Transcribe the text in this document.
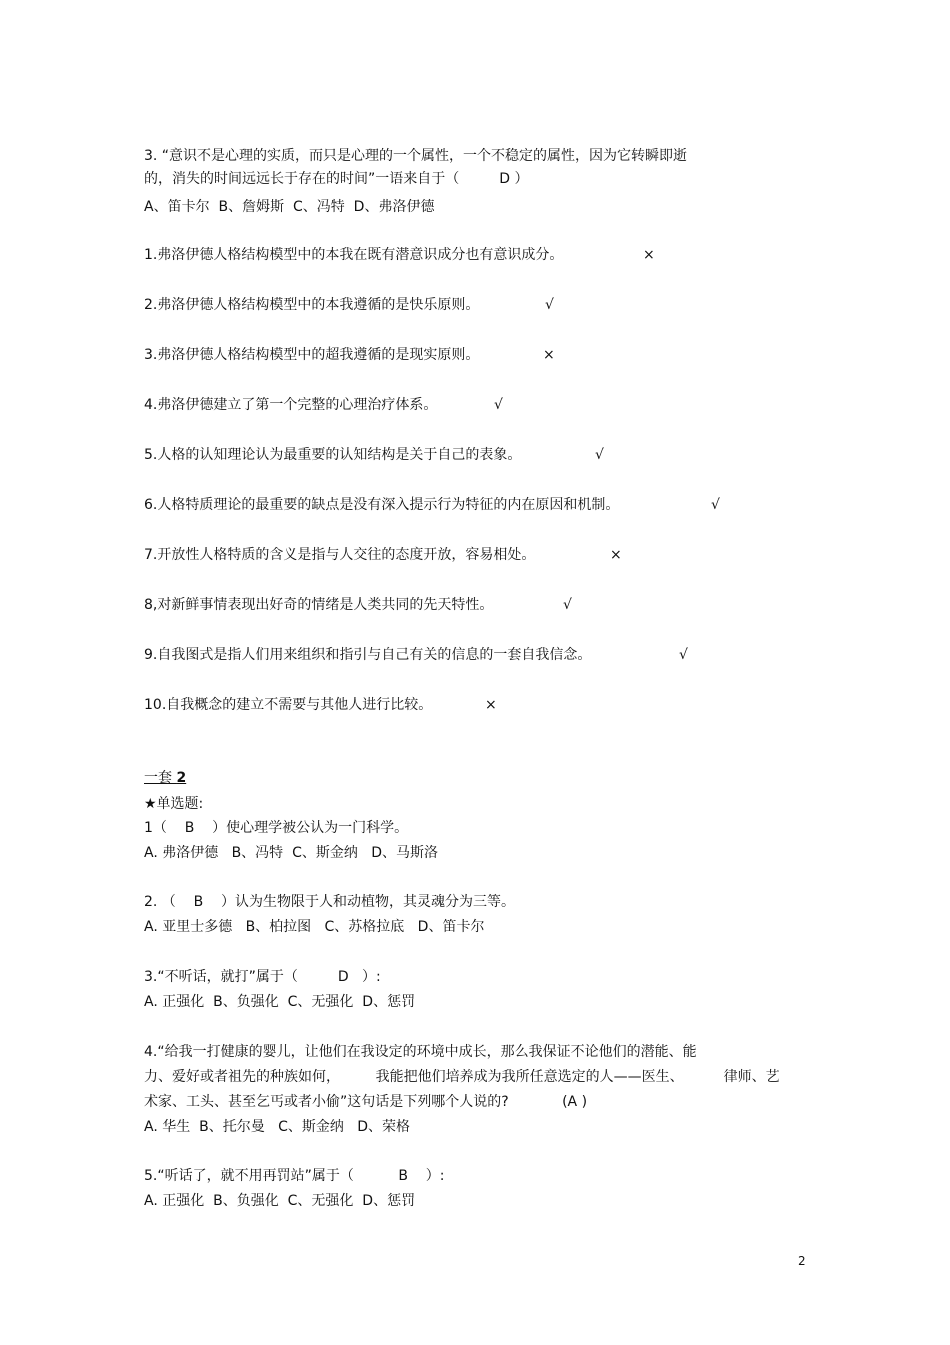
3. “意识不是心理的实质，而只是心理的一个属性，一个不稳定的属性，因为它转瞬即逝
的，消失的时间远远长于存在的时间”一语来自于（         D ）
A、笛卡尔  B、詹姆斯  C、冯特  D、弗洛伊德
1.弗洛伊德人格结构模型中的本我在既有潜意识成分也有意识成分。	×
2.弗洛伊德人格结构模型中的本我遵循的是快乐原则。	√
3.弗洛伊德人格结构模型中的超我遵循的是现实原则。	×
4.弗洛伊德建立了第一个完整的心理治疗体系。	√
5.人格的认知理论认为最重要的认知结构是关于自己的表象。	√
6.人格特质理论的最重要的缺点是没有深入提示行为特征的内在原因和机制。	√
7.开放性人格特质的含义是指与人交往的态度开放，容易相处。	×
8,对新鲜事情表现出好奇的情绪是人类共同的先天特性。	√
9.自我图式是指人们用来组织和指引与自己有关的信息的一套自我信念。	√
10.自我概念的建立不需要与其他人进行比较。	×
一套 2
★单选题:
1（    B    ）使心理学被公认为一门科学。
A. 弗洛伊德   B、冯特  C、斯金纳   D、马斯洛
2. （    B    ）认为生物限于人和动植物，其灵魂分为三等。
A. 亚里士多德   B、柏拉图   C、苏格拉底   D、笛卡尔
3.“不听话，就打”属于（         D   ）:
A. 正强化  B、负强化  C、无强化  D、惩罚
4.“给我一打健康的婴儿，让他们在我设定的环境中成长，那么我保证不论他们的潜能、能
力、爱好或者祖先的种族如何，        我能把他们培养成为我所任意选定的人——医生、         律师、艺
术家、工头、甚至乞丐或者小偷”这句话是下列哪个人说的?            (A )
A. 华生  B、托尔曼   C、斯金纳   D、荣格
5.“听话了，就不用再罚站”属于（          B    ）:
A. 正强化  B、负强化  C、无强化  D、惩罚
2
